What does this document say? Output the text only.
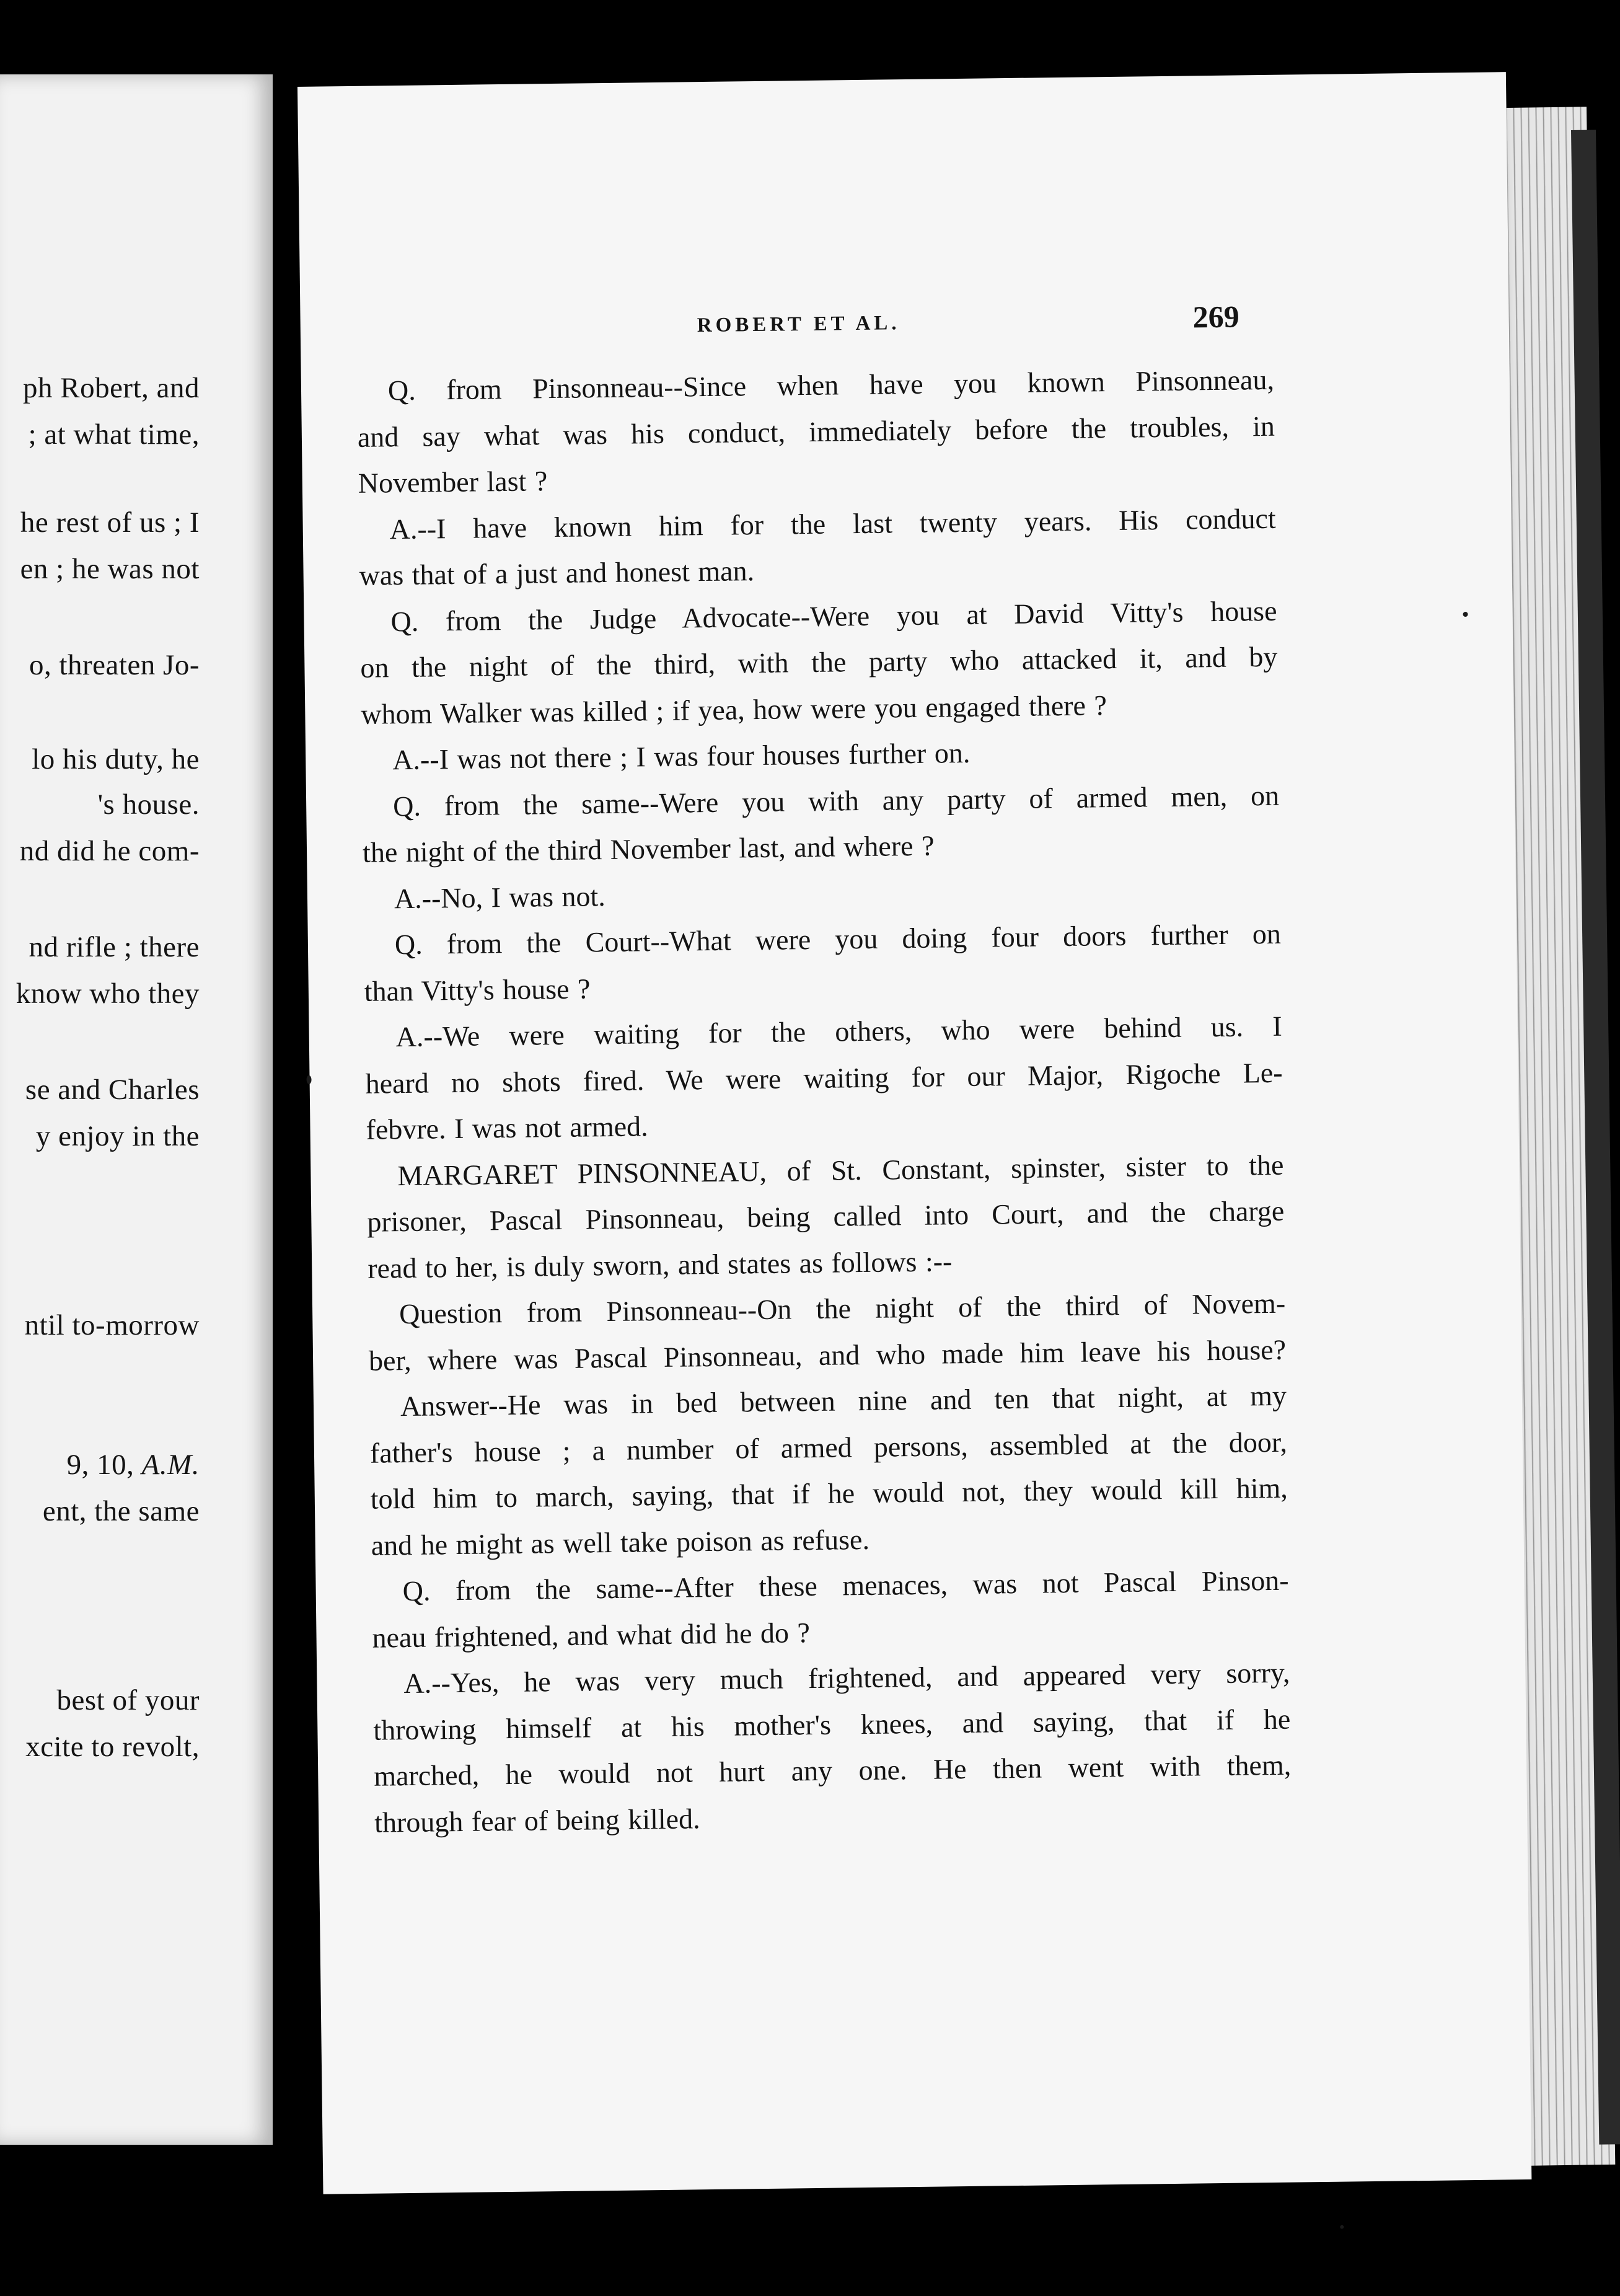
ph Robert, and
; at what time,
he rest of us ; I
en ; he was not
o, threaten Jo-
lo his duty, he
's house.
nd did he com-
nd rifle ; there
know who they
se and Charles
y enjoy in the
ntil to-morrow
9, 10, A.M.
ent, the same
best of your
xcite to revolt,
ROBERT ET AL.	269
Q. from Pinsonneau--Since when have you known Pinsonneau,
and say what was his conduct, immediately before the troubles, in
November last ?
A.--I have known him for the last twenty years. His conduct
was that of a just and honest man.
Q. from the Judge Advocate--Were you at David Vitty's house
on the night of the third, with the party who attacked it, and by
whom Walker was killed ; if yea, how were you engaged there ?
A.--I was not there ; I was four houses further on.
Q. from the same--Were you with any party of armed men, on
the night of the third November last, and where ?
A.--No, I was not.
Q. from the Court--What were you doing four doors further on
than Vitty's house ?
A.--We were waiting for the others, who were behind us. I
heard no shots fired. We were waiting for our Major, Rigoche Le-
febvre. I was not armed.
MARGARET PINSONNEAU, of St. Constant, spinster, sister to the
prisoner, Pascal Pinsonneau, being called into Court, and the charge
read to her, is duly sworn, and states as follows :--
Question from Pinsonneau--On the night of the third of Novem-
ber, where was Pascal Pinsonneau, and who made him leave his house?
Answer--He was in bed between nine and ten that night, at my
father's house ; a number of armed persons, assembled at the door,
told him to march, saying, that if he would not, they would kill him,
and he might as well take poison as refuse.
Q. from the same--After these menaces, was not Pascal Pinson-
neau frightened, and what did he do ?
A.--Yes, he was very much frightened, and appeared very sorry,
throwing himself at his mother's knees, and saying, that if he
marched, he would not hurt any one. He then went with them,
through fear of being killed.
